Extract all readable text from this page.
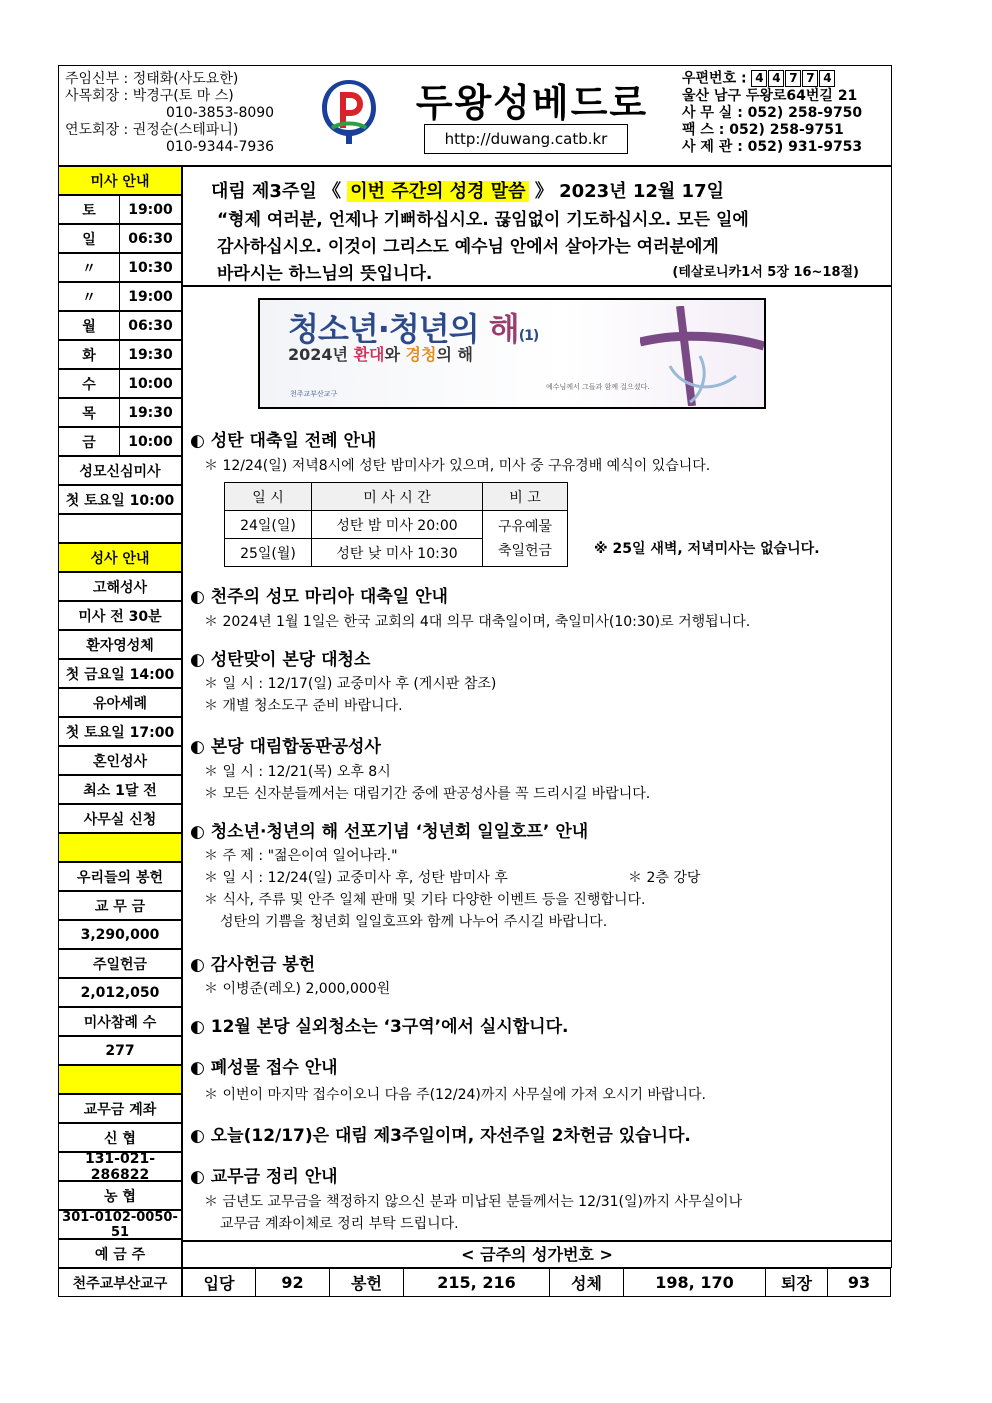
주임신부 : 정태화(사도요한)
사목회장 : 박경구(토 마 스)
010-3853-8090
연도회장 : 권정순(스테파니)
010-9344-7936
두왕성베드로
http://duwang.catb.kr
우편번호 : 4 4 7 7 4
울산 남구 두왕로64번길 21
사 무 실 : 052) 258-9750
팩 스 : 052) 258-9751
사 제 관 : 052) 931-9753
미사 안내
토	19:00
일	06:30
〃	10:30
〃	19:00
월	06:30
화	19:30
수	10:00
목	19:30
금	10:00
성모신심미사
첫 토요일 10:00
성사 안내
고해성사
미사 전 30분
환자영성체
첫 금요일 14:00
유아세례
첫 토요일 17:00
혼인성사
최소 1달 전
사무실 신청
우리들의 봉헌
교 무 금
3,290,000
주일헌금
2,012,050
미사참례 수
277
교무금 계좌
신 협
131-021-286822
농 협
301-0102-0050-51
예 금 주
천주교부산교구
대림 제3주일 《 이번 주간의 성경 말씀 》 2023년 12월 17일
“형제 여러분, 언제나 기뻐하십시오. 끊임없이 기도하십시오. 모든 일에
감사하십시오. 이것이 그리스도 예수님 안에서 살아가는 여러분에게
바라시는 하느님의 뜻입니다.	(테살로니카1서 5장 16~18절)
청소년·청년의 해(1)
2024년 환대와 경청의 해
예수님께서 그들과 함께 걸으셨다.
천주교부산교구
◐ 성탄 대축일 전례 안내
＊ 12/24(일) 저녁8시에 성탄 밤미사가 있으며, 미사 중 구유경배 예식이 있습니다.
일 시	미 사 시 간	비 고
24일(일)	성탄 밤 미사 20:00	구유예물
축일헌금

25일(월)	성탄 낮 미사 10:30		※ 25일 새벽, 저녁미사는 없습니다.
◐ 천주의 성모 마리아 대축일 안내
＊ 2024년 1월 1일은 한국 교회의 4대 의무 대축일이며, 축일미사(10:30)로 거행됩니다.
◐ 성탄맞이 본당 대청소
＊ 일 시 : 12/17(일) 교중미사 후 (게시판 참조)
＊ 개별 청소도구 준비 바랍니다.
◐ 본당 대림합동판공성사
＊ 일 시 : 12/21(목) 오후 8시
＊ 모든 신자분들께서는 대림기간 중에 판공성사를 꼭 드리시길 바랍니다.
◐ 청소년·청년의 해 선포기념 ‘청년회 일일호프’ 안내
＊ 주 제 : "젊은이여 일어나라."
＊ 일 시 : 12/24(일) 교중미사 후, 성탄 밤미사 후	＊ 2층 강당
＊ 식사, 주류 및 안주 일체 판매 및 기타 다양한 이벤트 등을 진행합니다.
성탄의 기쁨을 청년회 일일호프와 함께 나누어 주시길 바랍니다.
◐ 감사헌금 봉헌
＊ 이병준(레오) 2,000,000원
◐ 12월 본당 실외청소는 ‘3구역’에서 실시합니다.
◐ 폐성물 접수 안내
＊ 이번이 마지막 접수이오니 다음 주(12/24)까지 사무실에 가져 오시기 바랍니다.
◐ 오늘(12/17)은 대림 제3주일이며, 자선주일 2차헌금 있습니다.
◐ 교무금 정리 안내
＊ 금년도 교무금을 책정하지 않으신 분과 미납된 분들께서는 12/31(일)까지 사무실이나
교무금 계좌이체로 정리 부탁 드립니다.
< 금주의 성가번호 >
입당	92	봉헌	215, 216	성체	198, 170	퇴장	93
